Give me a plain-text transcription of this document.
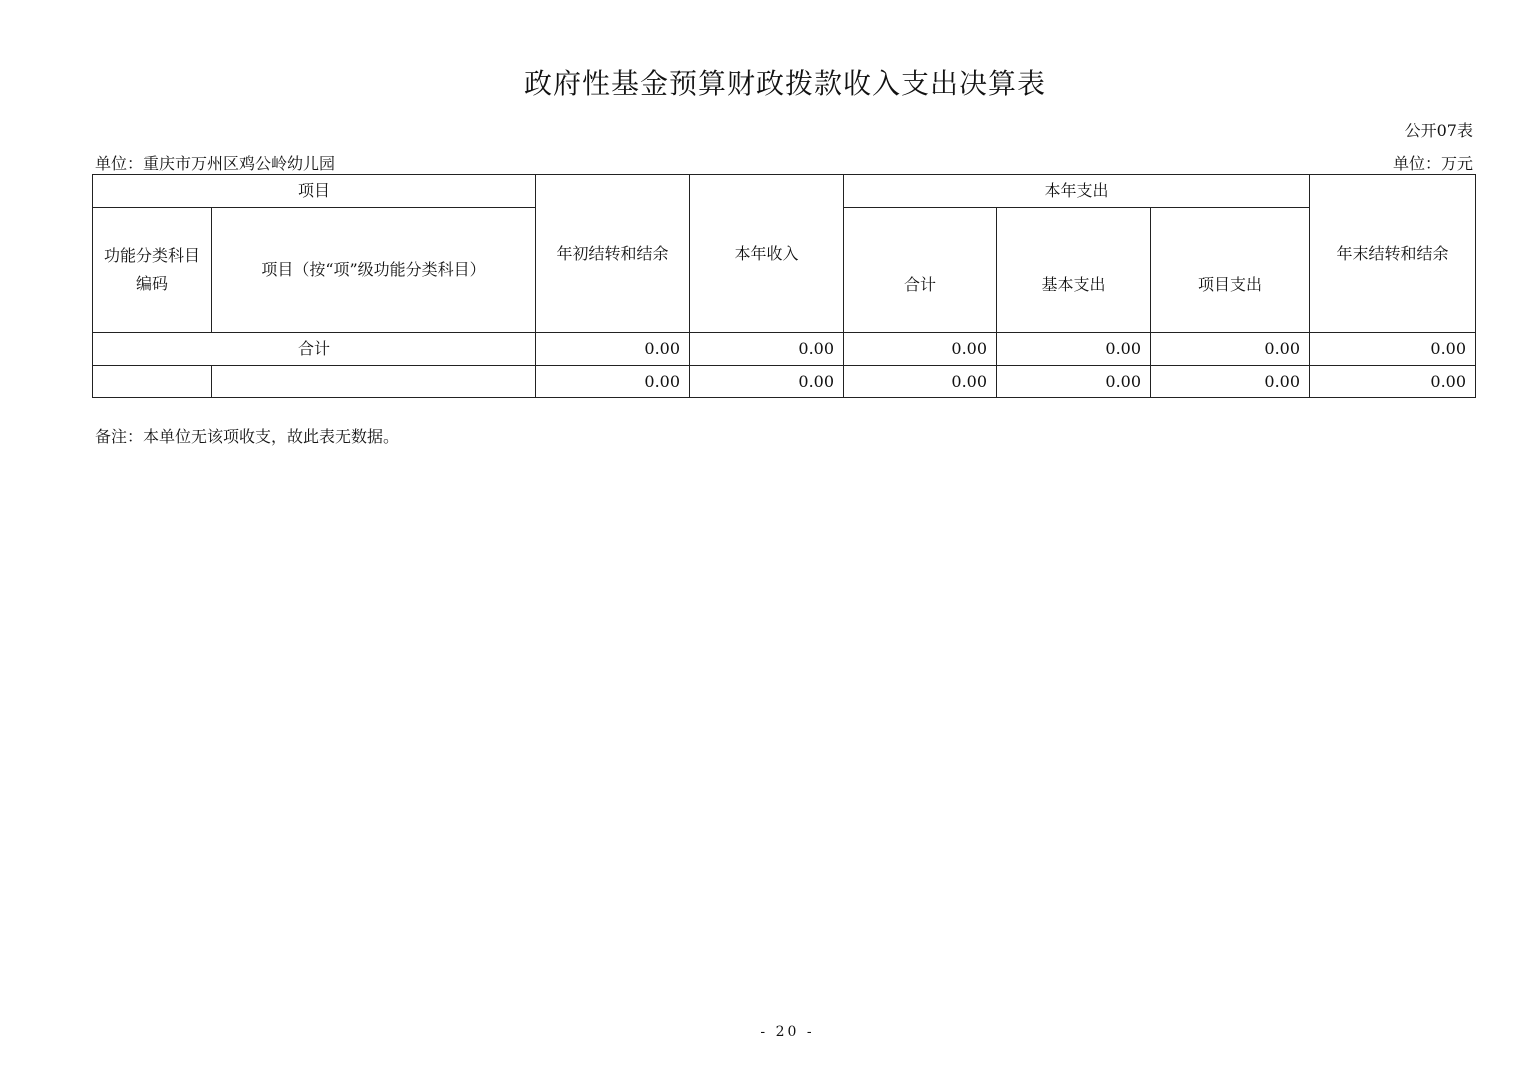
政府性基金预算财政拨款收入支出决算表
公开07表
单位：重庆市万州区鸡公岭幼儿园	单位：万元
项目		年初结转和结余	本年收入	本年支出			年末结转和结余
功能分类科目编码	项目（按“项”级功能分类科目）			合计	基本支出	项目支出	
合计		0.00	0.00	0.00	0.00	0.00	0.00
		0.00	0.00	0.00	0.00	0.00	0.00
备注：本单位无该项收支，故此表无数据。
- 20 -
